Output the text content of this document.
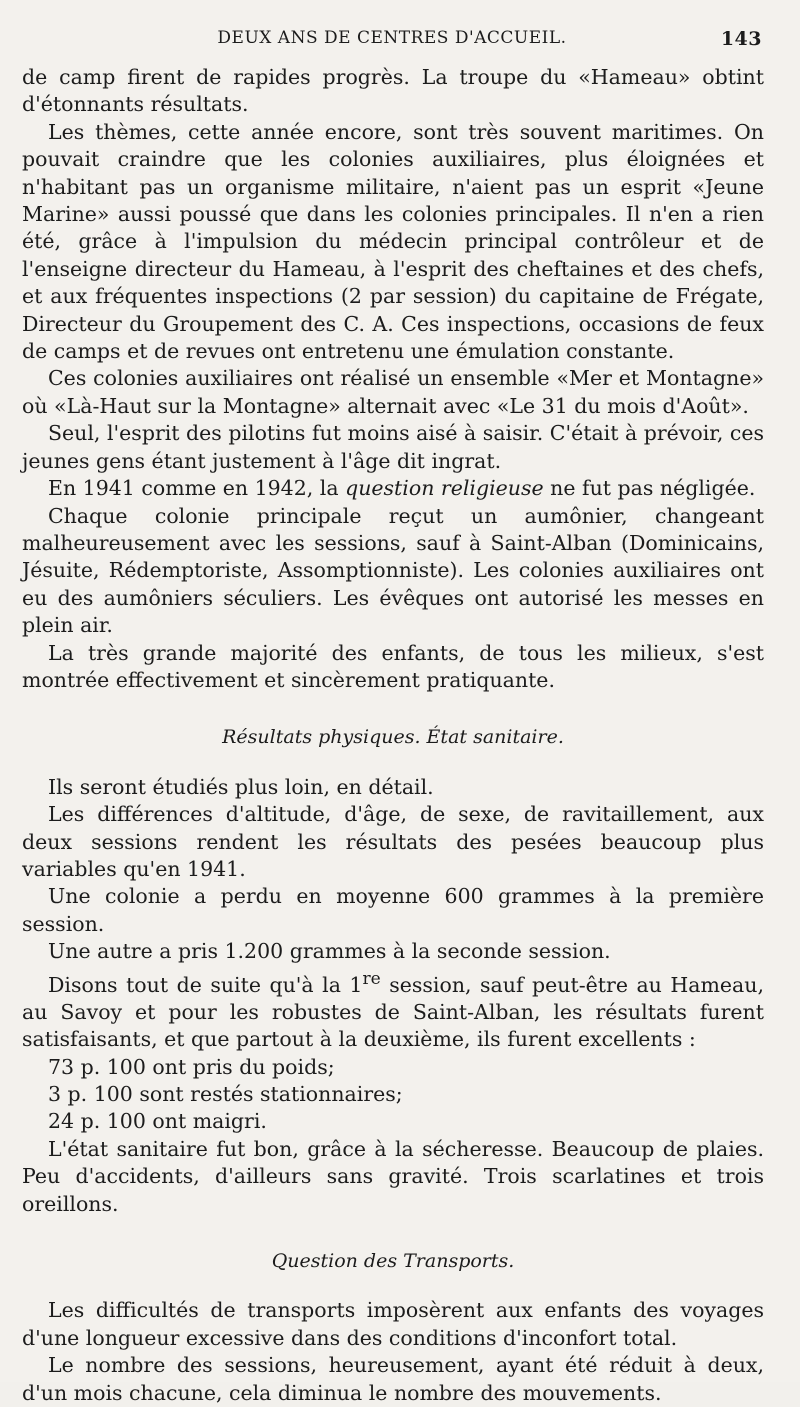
DEUX ANS DE CENTRES D'ACCUEIL.	143

de camp firent de rapides progrès. La troupe du «Hameau» obtint d'étonnants résultats.

Les thèmes, cette année encore, sont très souvent maritimes. On pouvait craindre que les colonies auxiliaires, plus éloignées et n'habitant pas un organisme militaire, n'aient pas un esprit «Jeune Marine» aussi poussé que dans les colonies principales. Il n'en a rien été, grâce à l'impulsion du médecin principal contrôleur et de l'enseigne directeur du Hameau, à l'esprit des cheftaines et des chefs, et aux fréquentes inspections (2 par session) du capitaine de Frégate, Directeur du Groupement des C. A. Ces inspections, occasions de feux de camps et de revues ont entretenu une émulation constante.

Ces colonies auxiliaires ont réalisé un ensemble «Mer et Montagne» où «Là-Haut sur la Montagne» alternait avec «Le 31 du mois d'Août».

Seul, l'esprit des pilotins fut moins aisé à saisir. C'était à prévoir, ces jeunes gens étant justement à l'âge dit ingrat.

En 1941 comme en 1942, la question religieuse ne fut pas négligée.

Chaque colonie principale reçut un aumônier, changeant malheureusement avec les sessions, sauf à Saint-Alban (Dominicains, Jésuite, Rédemptoriste, Assomptionniste). Les colonies auxiliaires ont eu des aumôniers séculiers. Les évêques ont autorisé les messes en plein air.

La très grande majorité des enfants, de tous les milieux, s'est montrée effectivement et sincèrement pratiquante.

Résultats physiques. État sanitaire.

Ils seront étudiés plus loin, en détail.

Les différences d'altitude, d'âge, de sexe, de ravitaillement, aux deux sessions rendent les résultats des pesées beaucoup plus variables qu'en 1941.

Une colonie a perdu en moyenne 600 grammes à la première session.

Une autre a pris 1.200 grammes à la seconde session.

Disons tout de suite qu'à la 1re session, sauf peut-être au Hameau, au Savoy et pour les robustes de Saint-Alban, les résultats furent satisfaisants, et que partout à la deuxième, ils furent excellents :

73 p. 100 ont pris du poids;
3 p. 100 sont restés stationnaires;
24 p. 100 ont maigri.

L'état sanitaire fut bon, grâce à la sécheresse. Beaucoup de plaies. Peu d'accidents, d'ailleurs sans gravité. Trois scarlatines et trois oreillons.

Question des Transports.

Les difficultés de transports imposèrent aux enfants des voyages d'une longueur excessive dans des conditions d'inconfort total.

Le nombre des sessions, heureusement, ayant été réduit à deux, d'un mois chacune, cela diminua le nombre des mouvements.
